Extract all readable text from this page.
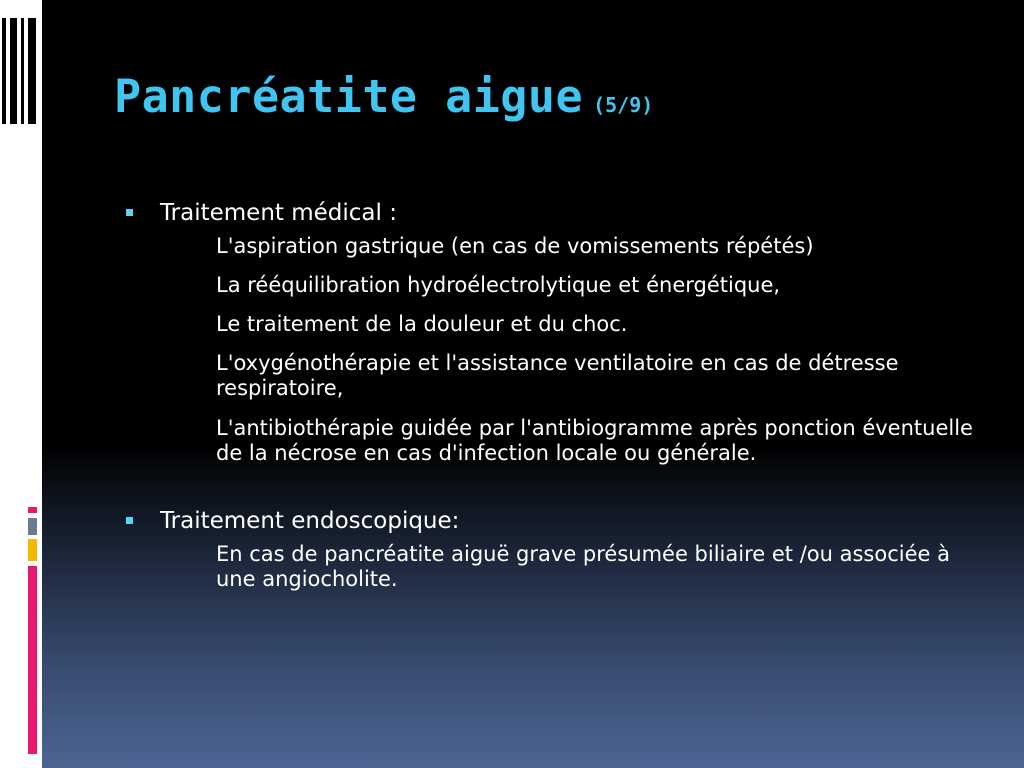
Pancréatite aigue (5/9)

Traitement médical :

L'aspiration gastrique (en cas de vomissements répétés)
La rééquilibration hydroélectrolytique et énergétique,
Le traitement de la douleur et du choc.
L'oxygénothérapie et l'assistance ventilatoire en cas de détresse respiratoire,
L'antibiothérapie guidée par l'antibiogramme après ponction éventuelle de la nécrose en cas d'infection locale ou générale.

Traitement endoscopique:

En cas de pancréatite aiguë grave présumée biliaire et /ou associée à une angiocholite.
